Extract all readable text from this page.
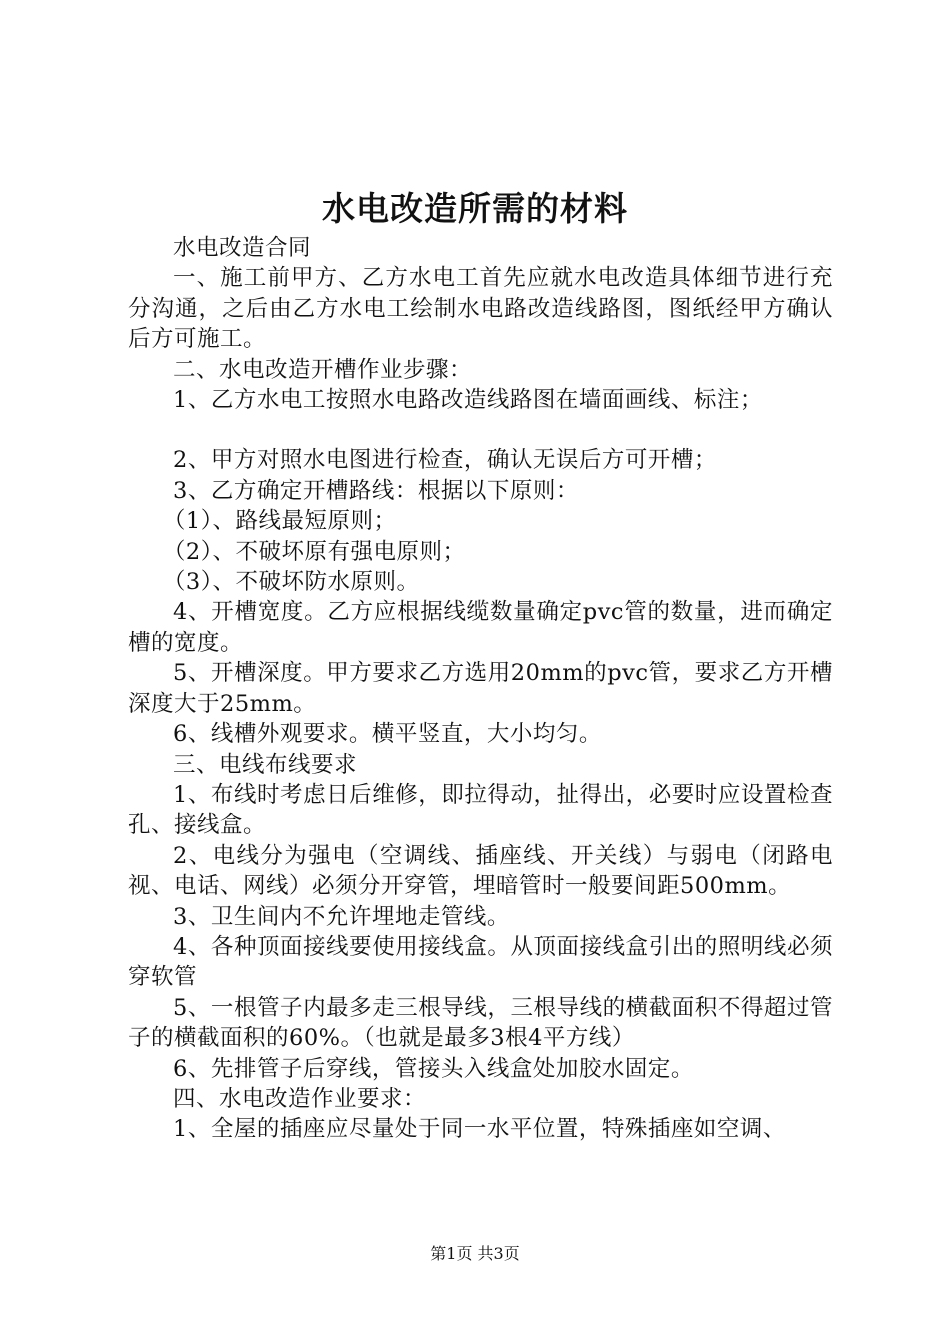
水电改造所需的材料

水电改造合同

一、施工前甲方、乙方水电工首先应就水电改造具体细节进行充分沟通，之后由乙方水电工绘制水电路改造线路图，图纸经甲方确认后方可施工。

二、水电改造开槽作业步骤：

1、乙方水电工按照水电路改造线路图在墙面画线、标注；

2、甲方对照水电图进行检查，确认无误后方可开槽；

3、乙方确定开槽路线：根据以下原则：

（1）、路线最短原则；

（2）、不破坏原有强电原则；

（3）、不破坏防水原则。

4、开槽宽度。乙方应根据线缆数量确定pvc管的数量，进而确定槽的宽度。

5、开槽深度。甲方要求乙方选用20mm的pvc管，要求乙方开槽深度大于25mm。

6、线槽外观要求。横平竖直，大小均匀。

三、电线布线要求

1、布线时考虑日后维修，即拉得动，扯得出，必要时应设置检查孔、接线盒。

2、电线分为强电（空调线、插座线、开关线）与弱电（闭路电视、电话、网线）必须分开穿管，埋暗管时一般要间距500mm。

3、卫生间内不允许埋地走管线。

4、各种顶面接线要使用接线盒。从顶面接线盒引出的照明线必须穿软管

5、一根管子内最多走三根导线，三根导线的横截面积不得超过管子的横截面积的60%。（也就是最多3根4平方线）

6、先排管子后穿线，管接头入线盒处加胶水固定。

四、水电改造作业要求：

1、全屋的插座应尽量处于同一水平位置，特殊插座如空调、

第1页 共3页
